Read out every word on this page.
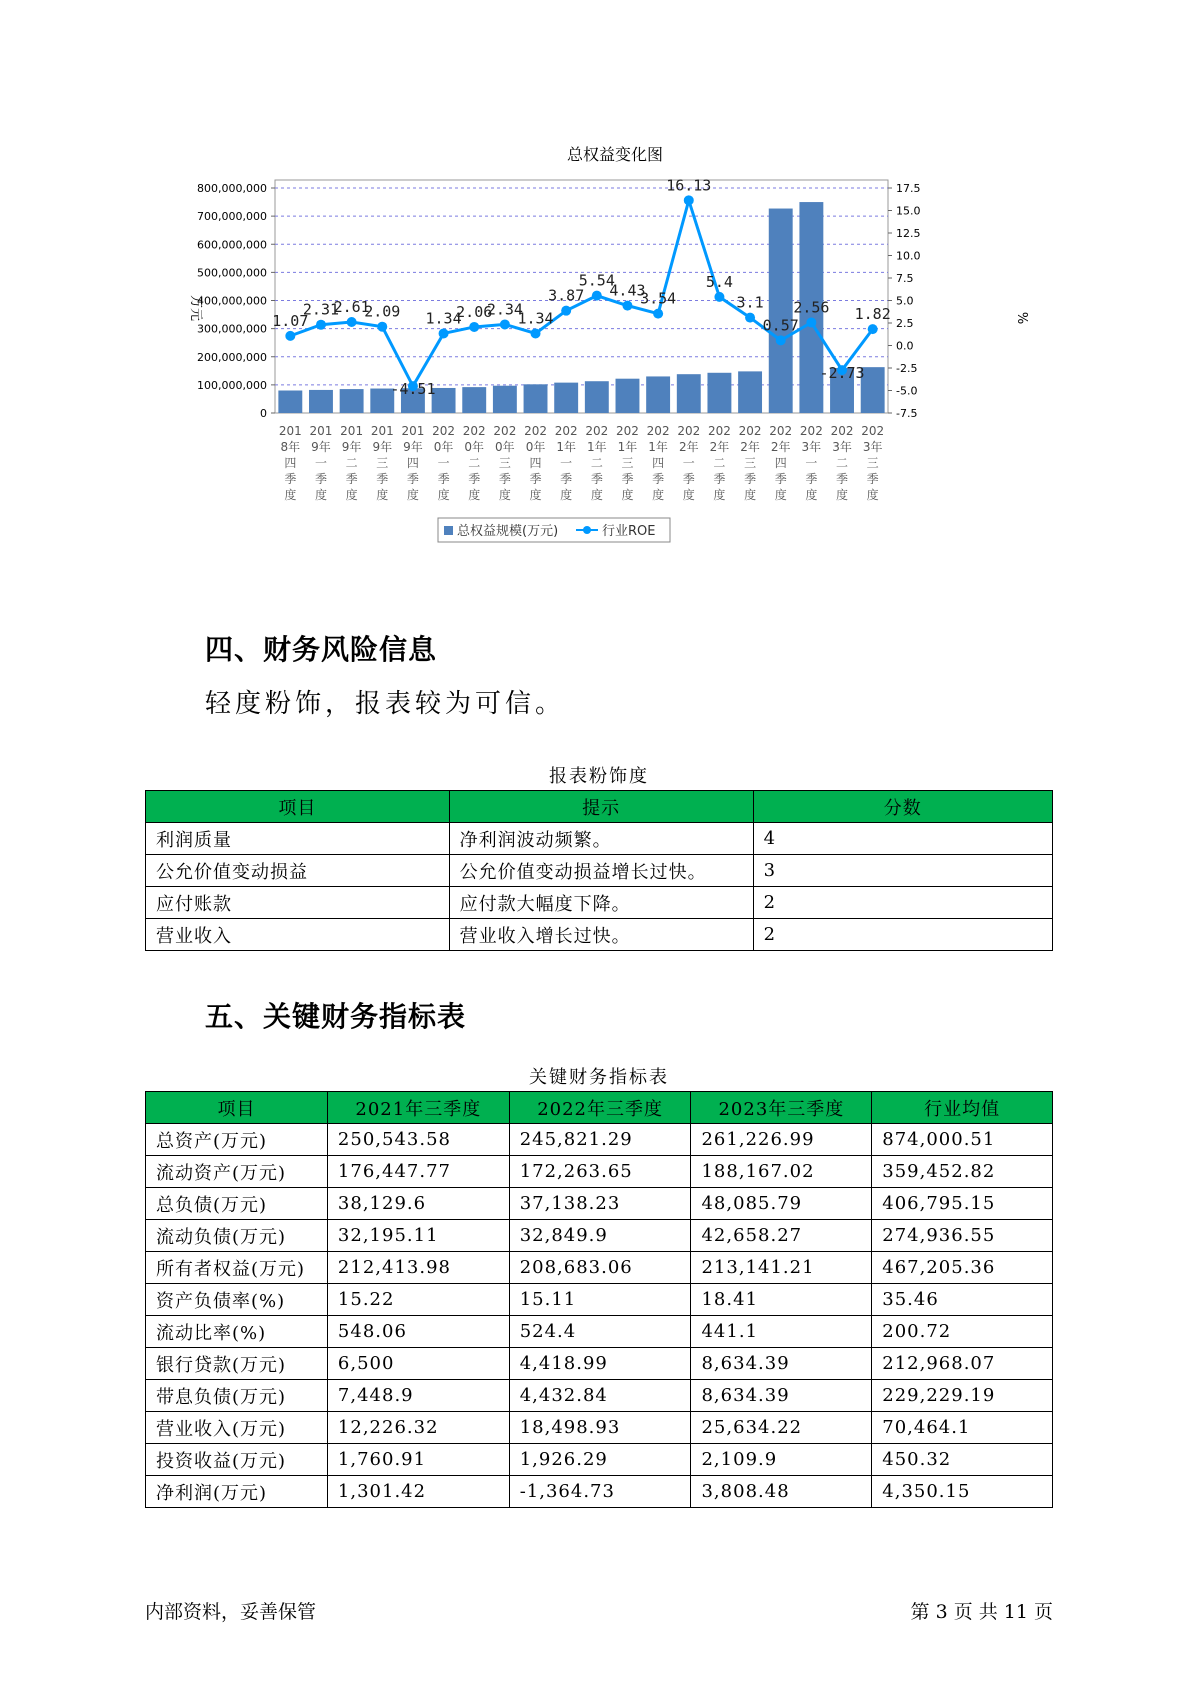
总权益变化图
万元	%
1.07
2.31
2.61
2.09
-4.51
1.34
2.06
2.34
1.34
3.87
5.54
4.43
3.54
16.13
5.4
3.1
0.57
2.56
-2.73
1.82
0
100,000,000
200,000,000
300,000,000
400,000,000
500,000,000
600,000,000
700,000,000
800,000,000
-7.5
-5.0
-2.5
0.0
2.5
5.0
7.5
10.0
12.5
15.0
17.5
201 8年四季度
201 9年一季度
201 9年二季度
201 9年三季度
201 9年四季度
202 0年一季度
202 0年二季度
202 0年三季度
202 0年四季度
202 1年一季度
202 1年二季度
202 1年三季度
202 1年四季度
202 2年一季度
202 2年二季度
202 2年三季度
202 2年四季度
202 3年一季度
202 3年二季度
202 3年三季度
总权益规模(万元)	行业ROE
四、财务风险信息
轻度粉饰，报表较为可信。
报表粉饰度
项目	提示	分数
利润质量	净利润波动频繁。	4
公允价值变动损益	公允价值变动损益增长过快。	3
应付账款	应付款大幅度下降。	2
营业收入	营业收入增长过快。	2
五、关键财务指标表
关键财务指标表
项目	2021年三季度	2022年三季度	2023年三季度	行业均值
总资产(万元)	250,543.58	245,821.29	261,226.99	874,000.51
流动资产(万元)	176,447.77	172,263.65	188,167.02	359,452.82
总负债(万元)	38,129.6	37,138.23	48,085.79	406,795.15
流动负债(万元)	32,195.11	32,849.9	42,658.27	274,936.55
所有者权益(万元)	212,413.98	208,683.06	213,141.21	467,205.36
资产负债率(%)	15.22	15.11	18.41	35.46
流动比率(%)	548.06	524.4	441.1	200.72
银行贷款(万元)	6,500	4,418.99	8,634.39	212,968.07
带息负债(万元)	7,448.9	4,432.84	8,634.39	229,229.19
营业收入(万元)	12,226.32	18,498.93	25,634.22	70,464.1
投资收益(万元)	1,760.91	1,926.29	2,109.9	450.32
净利润(万元)	1,301.42	-1,364.73	3,808.48	4,350.15
内部资料，妥善保管	第 3 页 共 11 页
